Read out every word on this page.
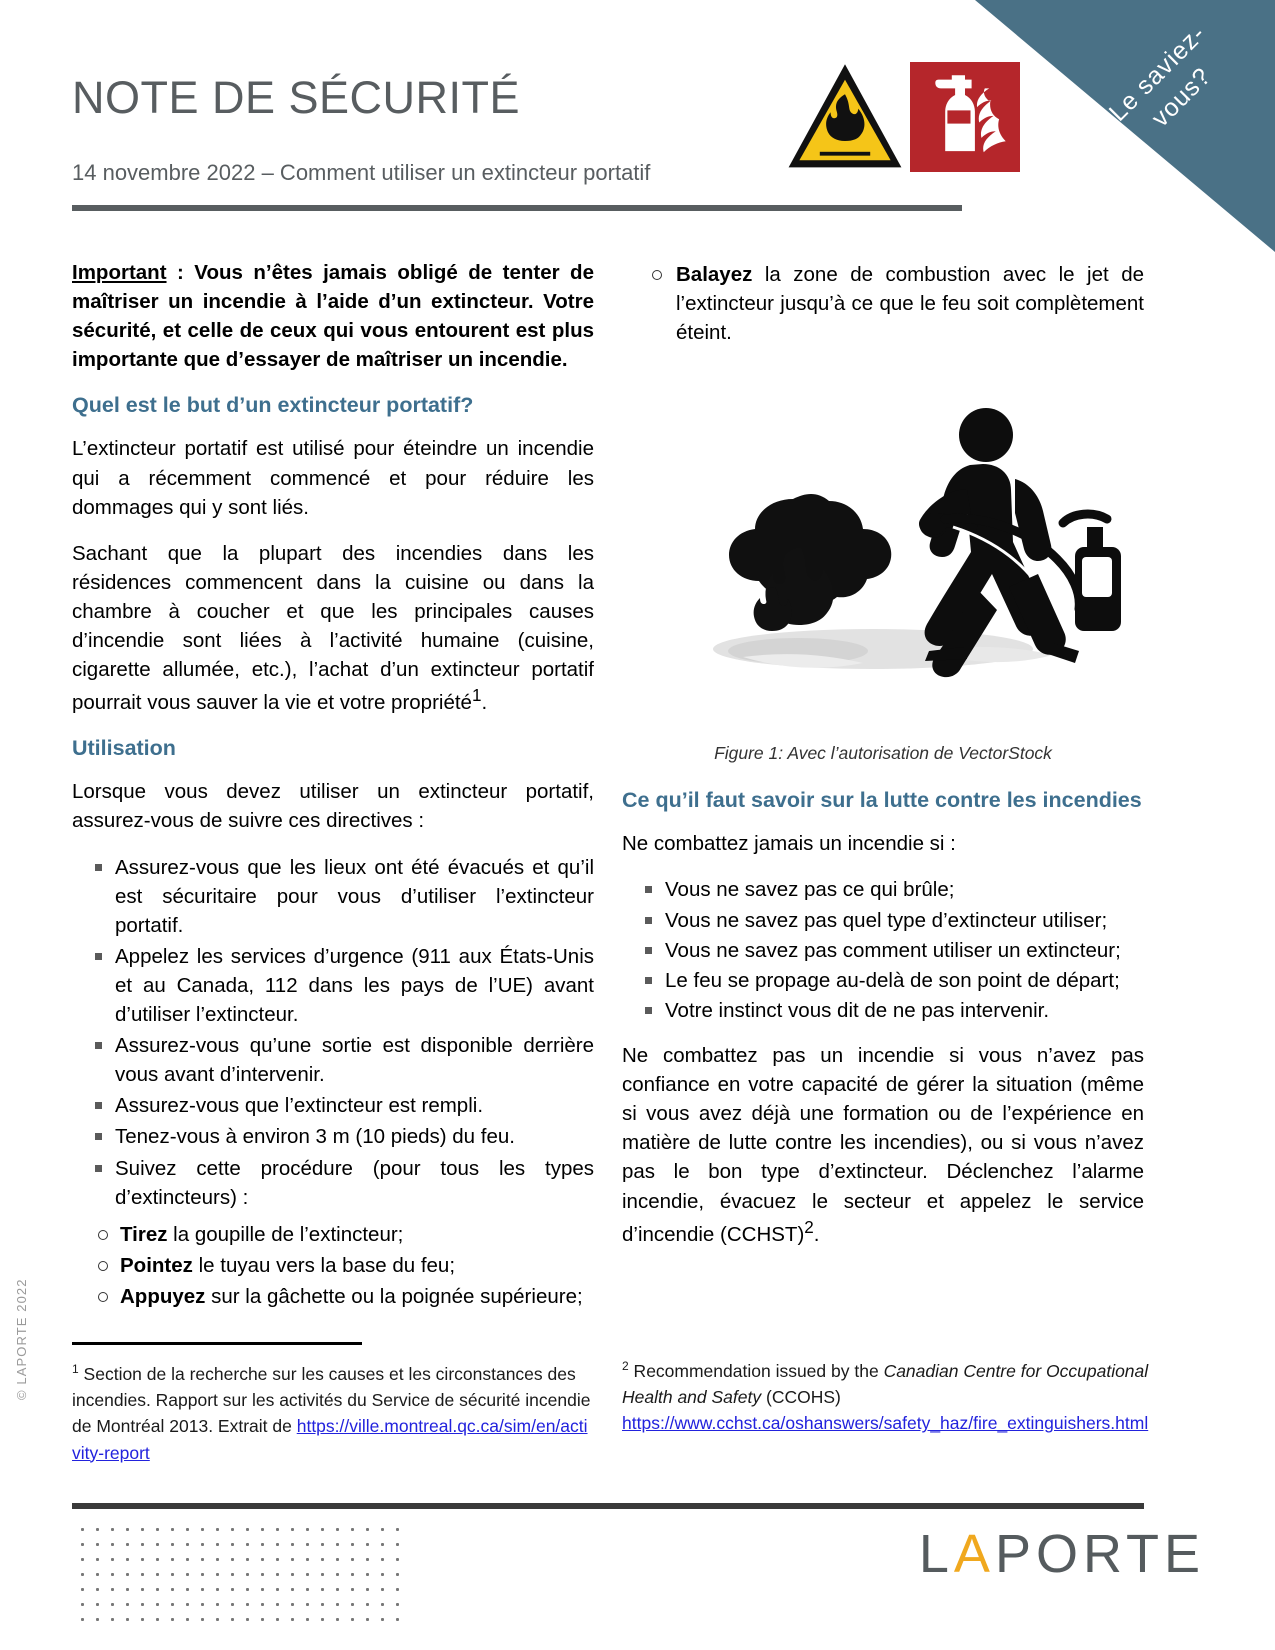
Le saviez-
vous?
NOTE DE SÉCURITÉ
14 novembre 2022 – Comment utiliser un extincteur portatif

Important : Vous n’êtes jamais obligé de tenter de maîtriser un incendie à l’aide d’un extincteur. Votre sécurité, et celle de ceux qui vous entourent est plus importante que d’essayer de maîtriser un incendie.

Quel est le but d’un extincteur portatif?

L’extincteur portatif est utilisé pour éteindre un incendie qui a récemment commencé et pour réduire les dommages qui y sont liés.

Sachant que la plupart des incendies dans les résidences commencent dans la cuisine ou dans la chambre à coucher et que les principales causes d’incendie sont liées à l’activité humaine (cuisine, cigarette allumée, etc.), l’achat d’un extincteur portatif pourrait vous sauver la vie et votre propriété$^1$.

Utilisation

Lorsque vous devez utiliser un extincteur portatif, assurez-vous de suivre ces directives :

Assurez-vous que les lieux ont été évacués et qu’il est sécuritaire pour vous d’utiliser l’extincteur portatif.
Appelez les services d’urgence (911 aux États-Unis et au Canada, 112 dans les pays de l’UE) avant d’utiliser l’extincteur.
Assurez-vous qu’une sortie est disponible derrière vous avant d’intervenir.
Assurez-vous que l’extincteur est rempli.
Tenez-vous à environ 3 m (10 pieds) du feu.
Suivez cette procédure (pour tous les types d’extincteurs) :
Tirez la goupille de l’extincteur;
Pointez le tuyau vers la base du feu;
Appuyez sur la gâchette ou la poignée supérieure;
Balayez la zone de combustion avec le jet de l’extincteur jusqu’à ce que le feu soit complètement éteint.
Figure 1: Avec l’autorisation de VectorStock
Ce qu’il faut savoir sur la lutte contre les incendies

Ne combattez jamais un incendie si :

Vous ne savez pas ce qui brûle;
Vous ne savez pas quel type d’extincteur utiliser;
Vous ne savez pas comment utiliser un extincteur;
Le feu se propage au-delà de son point de départ;
Votre instinct vous dit de ne pas intervenir.

Ne combattez pas un incendie si vous n’avez pas confiance en votre capacité de gérer la situation (même si vous avez déjà une formation ou de l’expérience en matière de lutte contre les incendies), ou si vous n’avez pas le bon type d’extincteur. Déclenchez l’alarme incendie, évacuez le secteur et appelez le service d’incendie (CCHST)$^2$.

$^1$ Section de la recherche sur les causes et les circonstances des incendies. Rapport sur les activités du Service de sécurité incendie de Montréal 2013. Extrait de https://ville.montreal.qc.ca/sim/en/activity-report
$^2$ Recommendation issued by the Canadian Centre for Occupational Health and Safety (CCOHS)
https://www.cchst.ca/oshanswers/safety_haz/fire_extinguishers.html
© LAPORTE 2022
LAPORTE
